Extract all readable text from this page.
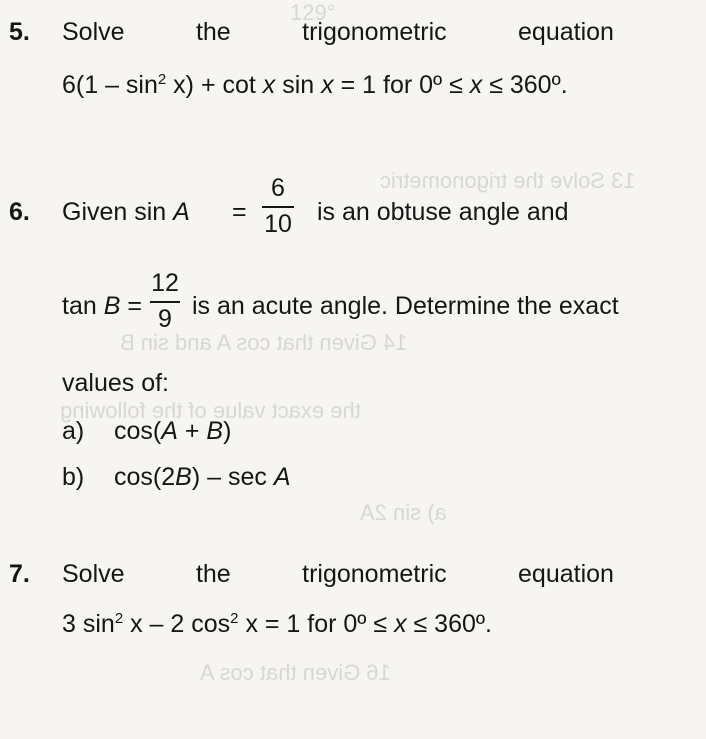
129°
13 Solve the trigonometric
14 Given that cos A and sin B
the exact value of the following
a) sin 2A
16 Given that cos A
5. Solve	the	trigonometric	equation
$6(1 - \sin^2 x) + \cot x$ sin x = 1 for 0º ≤ x ≤ 360º.
6. Given sin A =
6
10 is an obtuse angle and
tan B =
12
9 is an acute angle. Determine the exact
values of:
a) cos(A + B)
b) cos(2B) – sec A
7. Solve	the	trigonometric	equation
3 $\sin^2 x - 2$ $\cos^2 x = 1$ for 0º ≤ x ≤ 360º.
